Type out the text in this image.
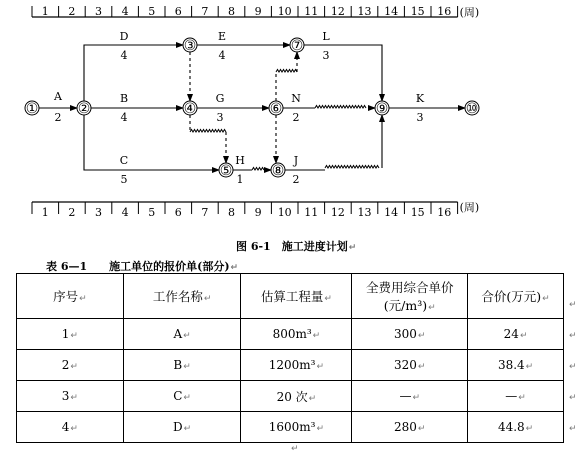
1 2 3 4 5 6 7 8 9 10 11 12 13 14 15 16 (周)
1 2 3 4 5 6 7 8 9 10 11 12 13 14 15 16 (周)
①	②
③
④
⑤
⑥
⑦
⑧
⑨	⑩
A
2
B
4
C
5
D
4
E
4
G
3
H
1
J
2
K
3
L
3
N
2
图 6-1　施工进度计划↵
表 6—1　　施工单位的报价单(部分)↵
序号↵	工作名称↵	估算工程量↵	全费用综合单价
(元/m³)↵	合价(万元)↵
1↵	A↵	800m³↵	300↵	24↵
2↵	B↵	1200m³↵	320↵	38.4↵
3↵	C↵	20 次↵	—↵	—↵
4↵	D↵	1600m³↵	280↵	44.8↵
↵
↵
↵
↵
↵
↵
